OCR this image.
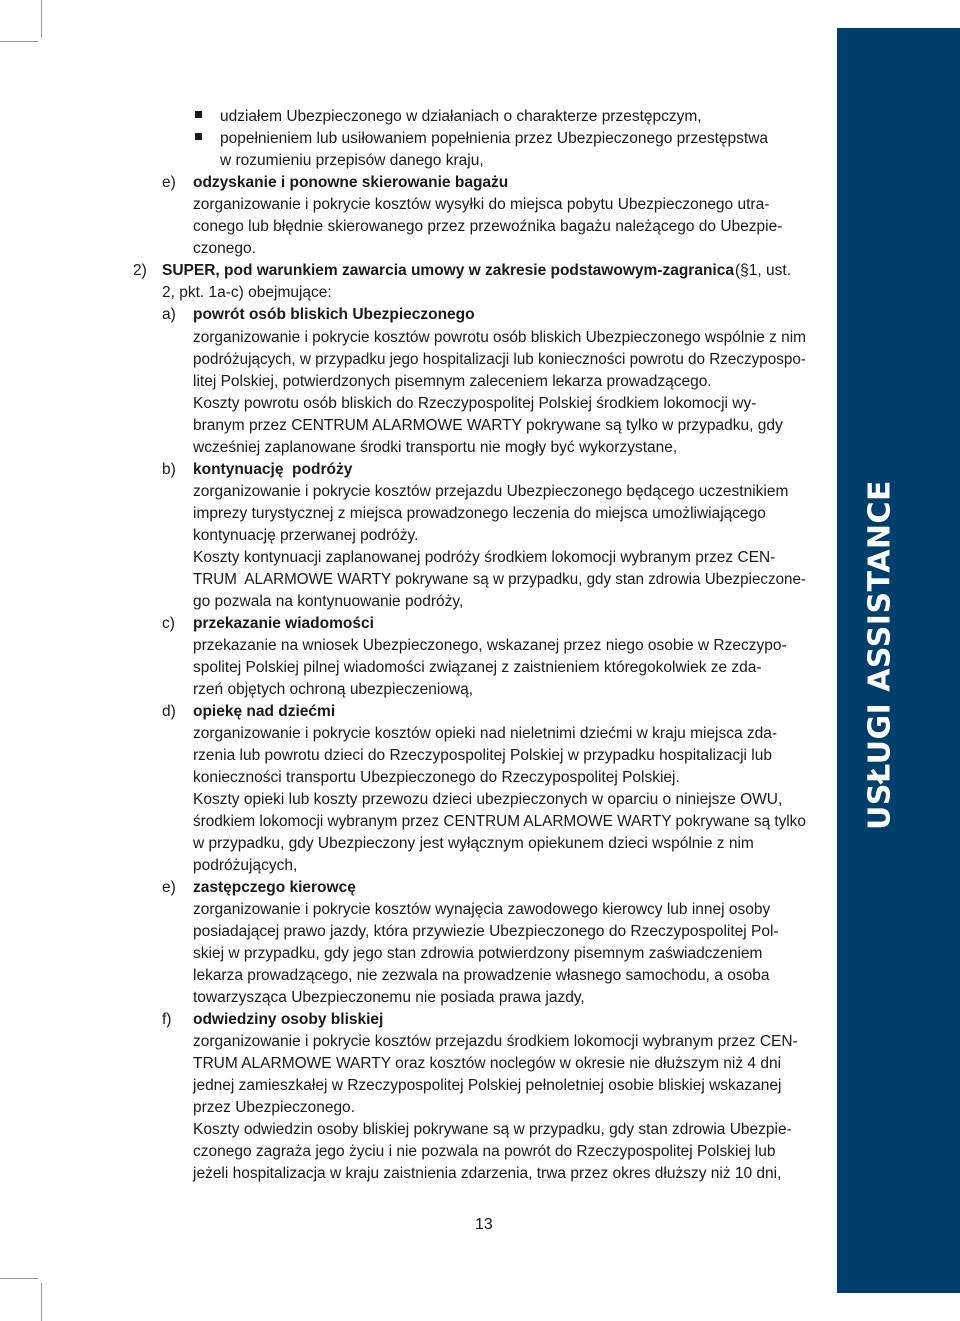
USŁUGI ASSISTANCE
udziałem Ubezpieczonego w działaniach o charakterze przestępczym,
popełnieniem lub usiłowaniem popełnienia przez Ubezpieczonego przestępstwa
w rozumieniu przepisów danego kraju,
e) odzyskanie i ponowne skierowanie bagażu
zorganizowanie i pokrycie kosztów wysyłki do miejsca pobytu Ubezpieczonego utra-
conego lub błędnie skierowanego przez przewoźnika bagażu należącego do Ubezpie-
czonego.
2) SUPER, pod warunkiem zawarcia umowy w zakresie podstawowym-zagranica (§1, ust.
2, pkt. 1a-c) obejmujące:
a) powrót osób bliskich Ubezpieczonego
zorganizowanie i pokrycie kosztów powrotu osób bliskich Ubezpieczonego wspólnie z nim
podróżujących, w przypadku jego hospitalizacji lub konieczności powrotu do Rzeczypospo-
litej Polskiej, potwierdzonych pisemnym zaleceniem lekarza prowadzącego.
Koszty powrotu osób bliskich do Rzeczypospolitej Polskiej środkiem lokomocji wy-
branym przez CENTRUM ALARMOWE WARTY pokrywane są tylko w przypadku, gdy
wcześniej zaplanowane środki transportu nie mogły być wykorzystane,
b) kontynuację  podróży
zorganizowanie i pokrycie kosztów przejazdu Ubezpieczonego będącego uczestnikiem
imprezy turystycznej z miejsca prowadzonego leczenia do miejsca umożliwiającego
kontynuację przerwanej podróży.
Koszty kontynuacji zaplanowanej podróży środkiem lokomocji wybranym przez CEN-
TRUM  ALARMOWE WARTY pokrywane są w przypadku, gdy stan zdrowia Ubezpieczone-
go pozwala na kontynuowanie podróży,
c) przekazanie wiadomości
przekazanie na wniosek Ubezpieczonego, wskazanej przez niego osobie w Rzeczypo-
spolitej Polskiej pilnej wiadomości związanej z zaistnieniem któregokolwiek ze zda-
rzeń objętych ochroną ubezpieczeniową,
d) opiekę nad dziećmi
zorganizowanie i pokrycie kosztów opieki nad nieletnimi dziećmi w kraju miejsca zda-
rzenia lub powrotu dzieci do Rzeczypospolitej Polskiej w przypadku hospitalizacji lub
konieczności transportu Ubezpieczonego do Rzeczypospolitej Polskiej.
Koszty opieki lub koszty przewozu dzieci ubezpieczonych w oparciu o niniejsze OWU,
środkiem lokomocji wybranym przez CENTRUM ALARMOWE WARTY pokrywane są tylko
w przypadku, gdy Ubezpieczony jest wyłącznym opiekunem dzieci wspólnie z nim
podróżujących,
e) zastępczego kierowcę
zorganizowanie i pokrycie kosztów wynajęcia zawodowego kierowcy lub innej osoby
posiadającej prawo jazdy, która przywiezie Ubezpieczonego do Rzeczypospolitej Pol-
skiej w przypadku, gdy jego stan zdrowia potwierdzony pisemnym zaświadczeniem
lekarza prowadzącego, nie zezwala na prowadzenie własnego samochodu, a osoba
towarzysząca Ubezpieczonemu nie posiada prawa jazdy,
f) odwiedziny osoby bliskiej
zorganizowanie i pokrycie kosztów przejazdu środkiem lokomocji wybranym przez CEN-
TRUM ALARMOWE WARTY oraz kosztów noclegów w okresie nie dłuższym niż 4 dni
jednej zamieszkałej w Rzeczypospolitej Polskiej pełnoletniej osobie bliskiej wskazanej
przez Ubezpieczonego.
Koszty odwiedzin osoby bliskiej pokrywane są w przypadku, gdy stan zdrowia Ubezpie-
czonego zagraża jego życiu i nie pozwala na powrót do Rzeczypospolitej Polskiej lub
jeżeli hospitalizacja w kraju zaistnienia zdarzenia, trwa przez okres dłuższy niż 10 dni,
13
